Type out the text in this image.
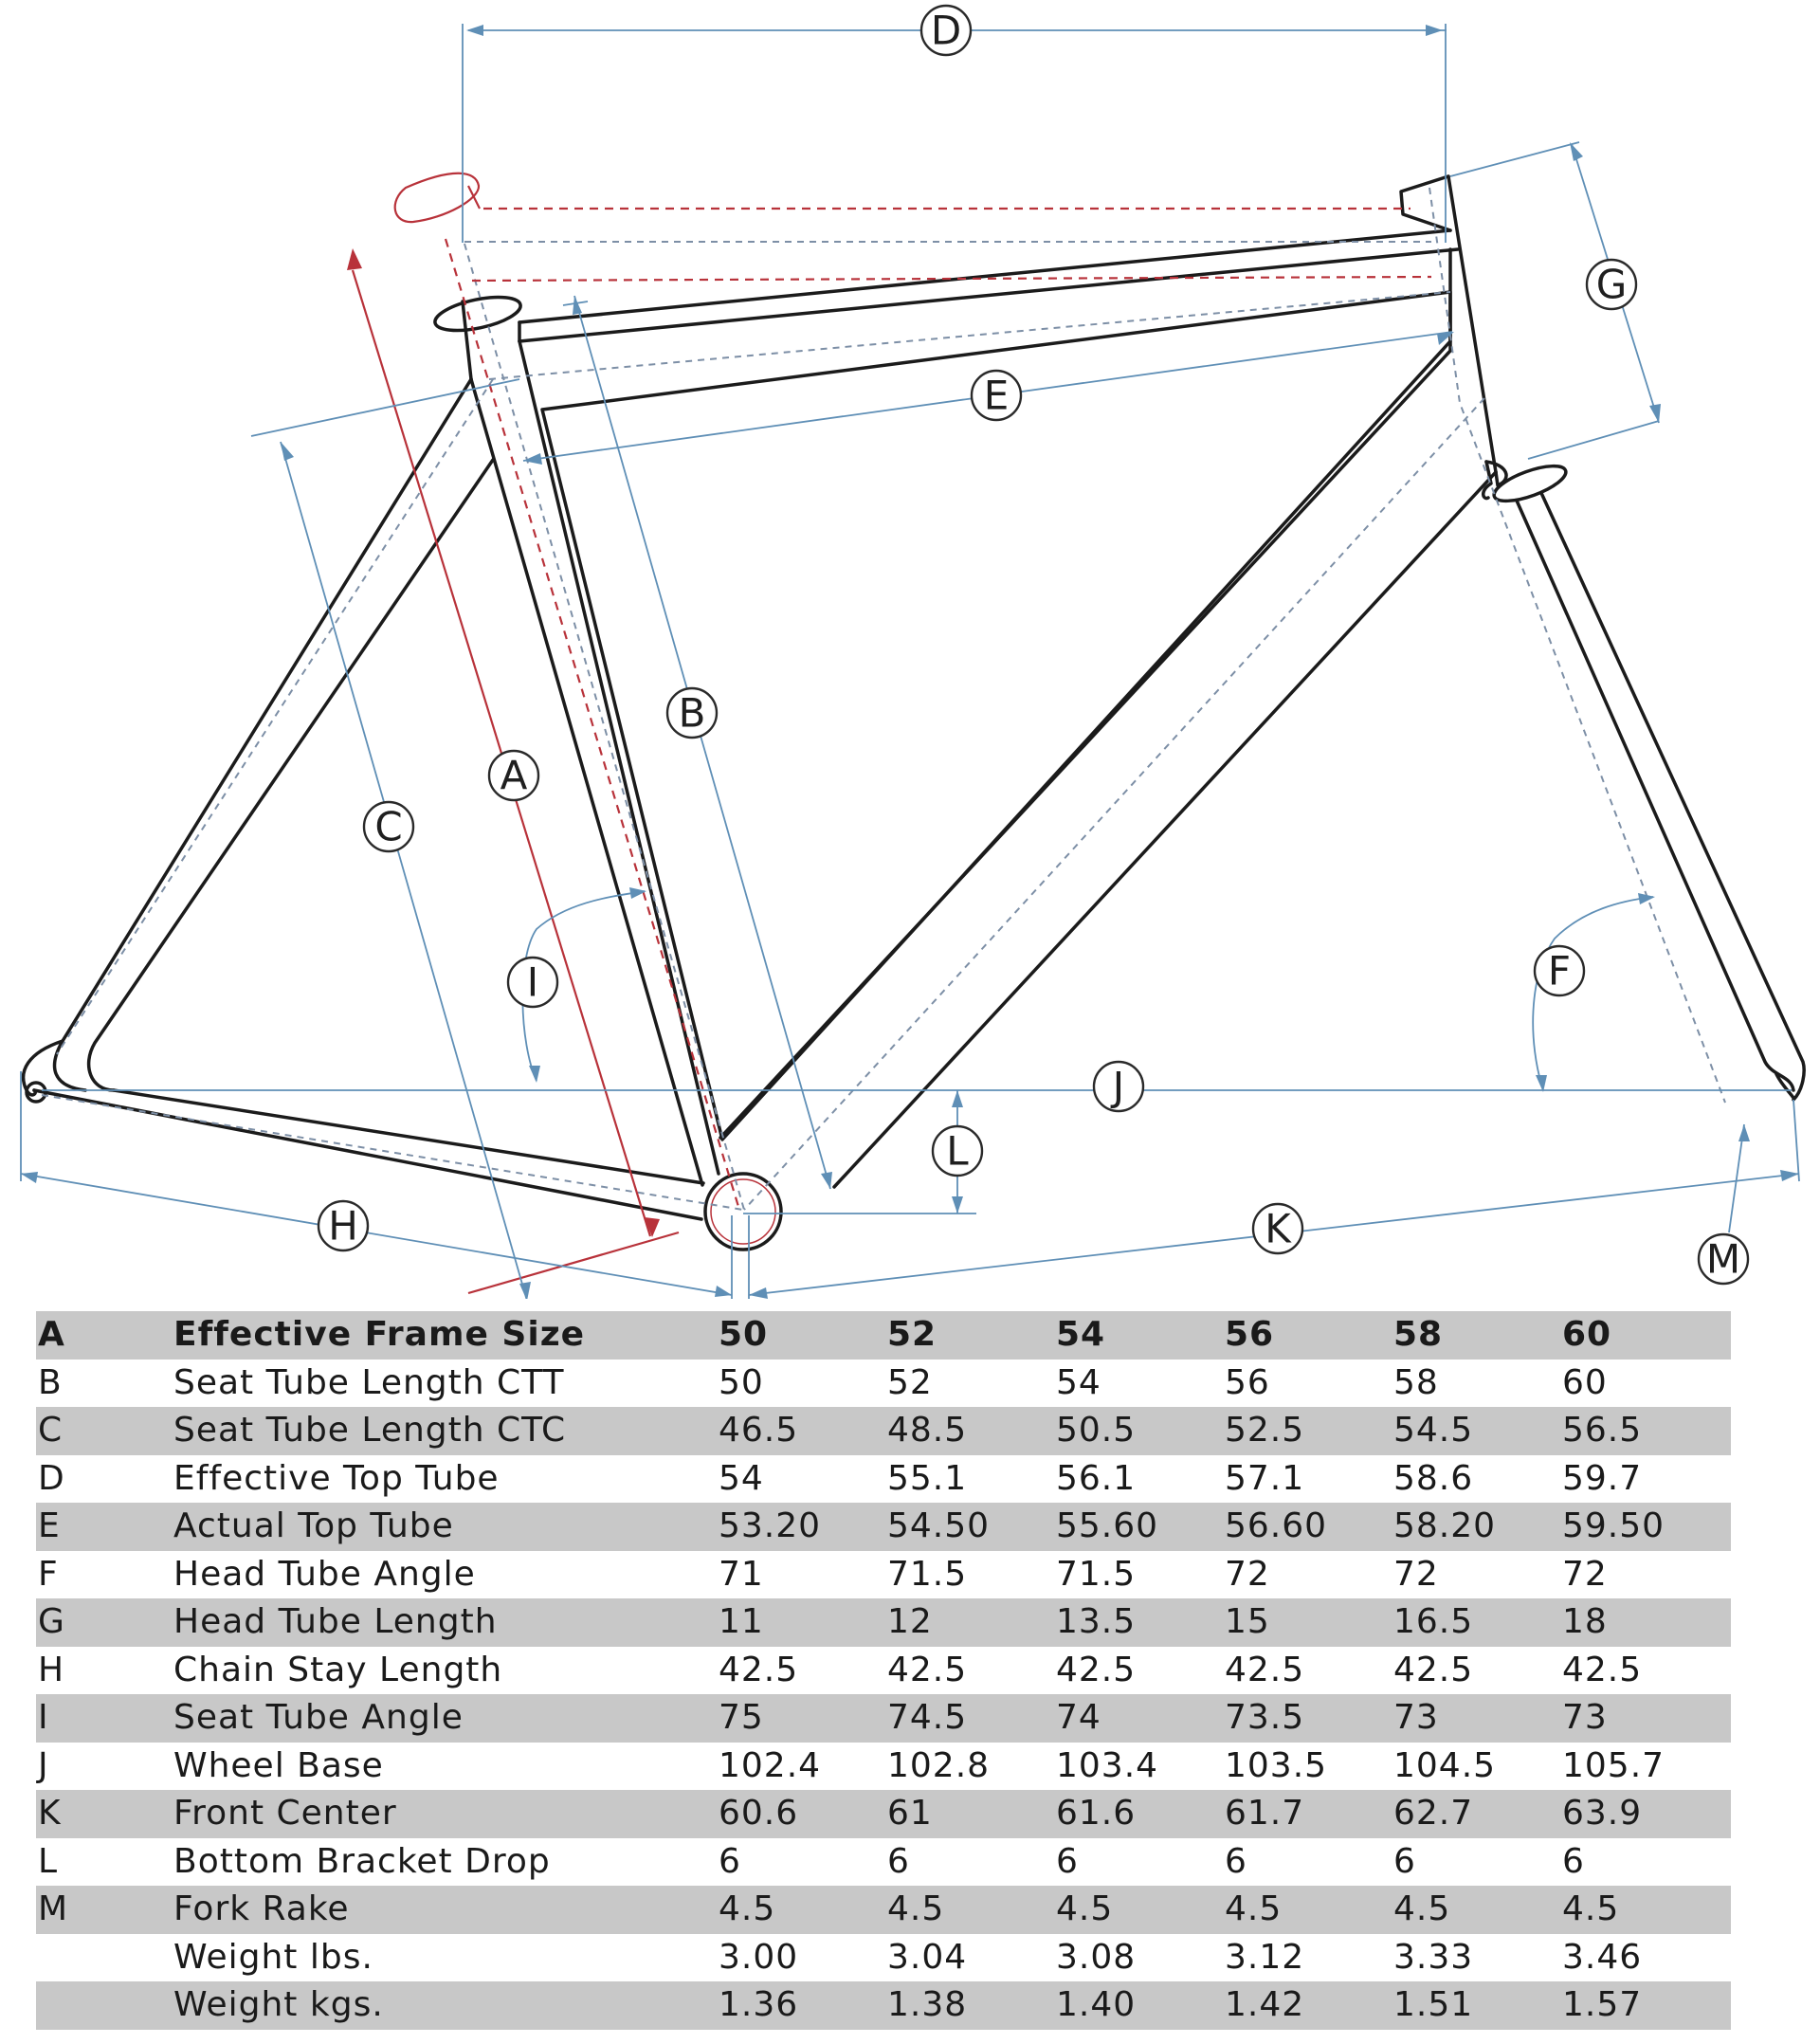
A
B
C
D
E
F
G
H
I
J
K
L
M
A	Effective Frame Size	50	52	54	56	58	60
B	Seat Tube Length CTT	50	52	54	56	58	60
C	Seat Tube Length CTC	46.5	48.5	50.5	52.5	54.5	56.5
D	Effective Top Tube	54	55.1	56.1	57.1	58.6	59.7
E	Actual Top Tube	53.20	54.50	55.60	56.60	58.20	59.50
F	Head Tube Angle	71	71.5	71.5	72	72	72
G	Head Tube Length	11	12	13.5	15	16.5	18
H	Chain Stay Length	42.5	42.5	42.5	42.5	42.5	42.5
I	Seat Tube Angle	75	74.5	74	73.5	73	73
J	Wheel Base	102.4	102.8	103.4	103.5	104.5	105.7
K	Front Center	60.6	61	61.6	61.7	62.7	63.9
L	Bottom Bracket Drop	6	6	6	6	6	6
M	Fork Rake	4.5	4.5	4.5	4.5	4.5	4.5
	Weight lbs.	3.00	3.04	3.08	3.12	3.33	3.46
	Weight kgs.	1.36	1.38	1.40	1.42	1.51	1.57
